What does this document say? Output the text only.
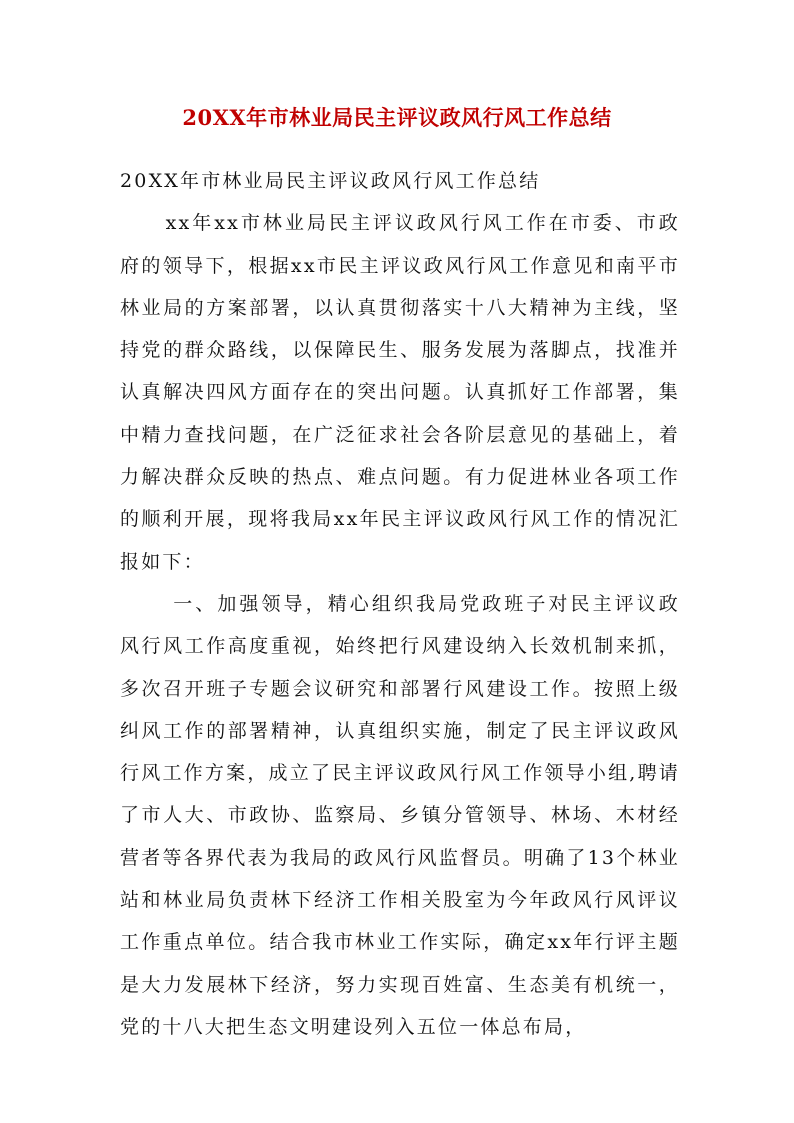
20XX年市林业局民主评议政风行风工作总结

20XX年市林业局民主评议政风行风工作总结

xx年xx市林业局民主评议政风行风工作在市委、市政府的领导下，根据xx市民主评议政风行风工作意见和南平市林业局的方案部署，以认真贯彻落实十八大精神为主线，坚持党的群众路线，以保障民生、服务发展为落脚点，找准并认真解决四风方面存在的突出问题。认真抓好工作部署，集中精力查找问题，在广泛征求社会各阶层意见的基础上，着力解决群众反映的热点、难点问题。有力促进林业各项工作的顺利开展，现将我局xx年民主评议政风行风工作的情况汇报如下：

一、加强领导，精心组织我局党政班子对民主评议政风行风工作高度重视，始终把行风建设纳入长效机制来抓，多次召开班子专题会议研究和部署行风建设工作。按照上级纠风工作的部署精神，认真组织实施，制定了民主评议政风行风工作方案，成立了民主评议政风行风工作领导小组,聘请了市人大、市政协、监察局、乡镇分管领导、林场、木材经营者等各界代表为我局的政风行风监督员。明确了13个林业站和林业局负责林下经济工作相关股室为今年政风行风评议工作重点单位。结合我市林业工作实际，确定xx年行评主题是大力发展林下经济，努力实现百姓富、生态美有机统一，党的十八大把生态文明建设列入五位一体总布局，
